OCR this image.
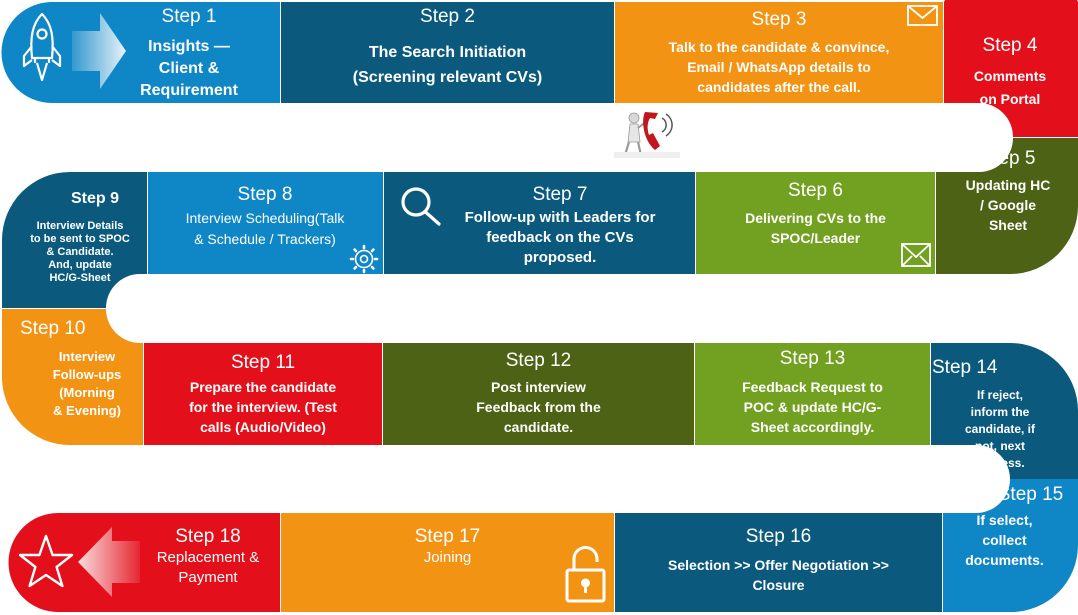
Step 1
Insights —
Client &
Requirement
Step 2
The Search Initiation
(Screening relevant CVs)
Step 3
Talk to the candidate & convince,
Email / WhatsApp details to
candidates after the call.
Step 4
Comments
on Portal
Step 5
Updating HC
/ Google
Sheet
Step 6
Delivering CVs to the
SPOC/Leader
Step 7
Follow-up with Leaders for
feedback on the CVs
proposed.
Step 8
Interview Scheduling(Talk
& Schedule / Trackers)
Step 9
Interview Details
to be sent to SPOC
& Candidate.
And, update
HC/G-Sheet
Step 10
Interview
Follow-ups
(Morning
& Evening)
Step 11
Prepare the candidate
for the interview. (Test
calls (Audio/Video)
Step 12
Post interview
Feedback from the
candidate.
Step 13
Feedback Request to
POC & update HC/G-
Sheet accordingly.
Step 14
If reject,
inform the
candidate, if
not, next
process.
Step 15
If select,
collect
documents.
Step 16
Selection >> Offer Negotiation >>
Closure
Step 17
Joining
Step 18
Replacement &
Payment
